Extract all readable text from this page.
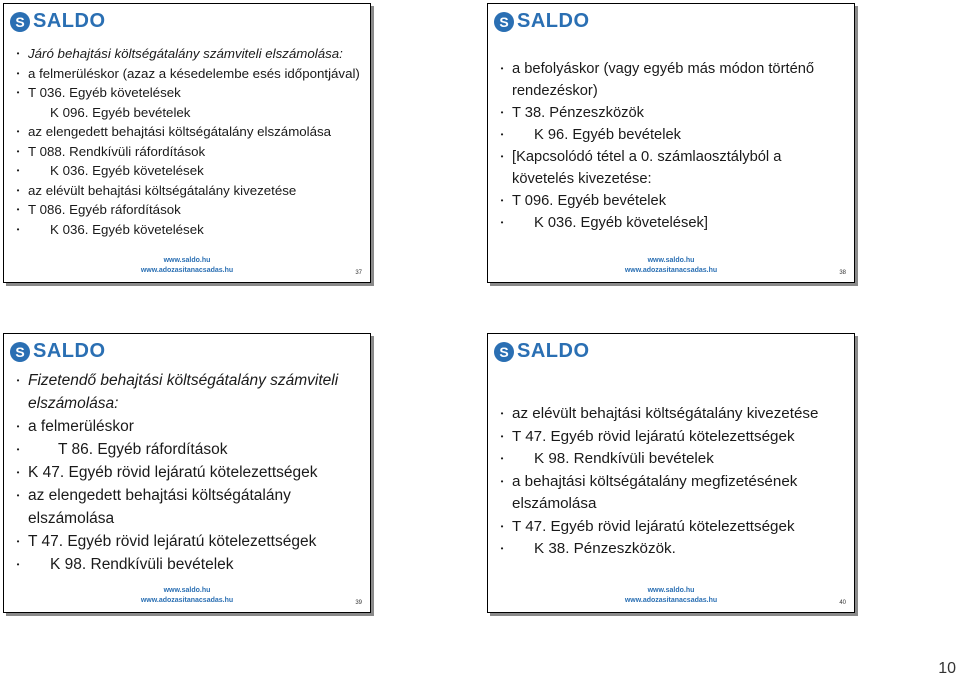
S SALDO
• Járó behajtási költségátalány számviteli elszámolása:
• a felmerüléskor (azaz a késedelembe esés időpontjával)
• T 036. Egyéb követelések
K 096. Egyéb bevételek
• az elengedett behajtási költségátalány elszámolása
• T 088. Rendkívüli ráfordítások
•	K 036. Egyéb követelések
• az elévült behajtási költségátalány kivezetése
• T 086. Egyéb ráfordítások
•	K 036. Egyéb követelések
www.saldo.hu
www.adozasitanacsadas.hu	37
S SALDO
• a befolyáskor (vagy egyéb más módon történő rendezéskor)
• T 38. Pénzeszközök
•	K 96. Egyéb bevételek
• [Kapcsolódó tétel a 0. számlaosztályból a követelés kivezetése:
• T 096. Egyéb bevételek
•	K 036. Egyéb követelések]
www.saldo.hu
www.adozasitanacsadas.hu	38
S SALDO
• Fizetendő behajtási költségátalány számviteli elszámolása:
• a felmerüléskor
•	T 86. Egyéb ráfordítások
• K 47. Egyéb rövid lejáratú kötelezettségek
• az elengedett behajtási költségátalány elszámolása
• T 47. Egyéb rövid lejáratú kötelezettségek
•	K 98. Rendkívüli bevételek
www.saldo.hu
www.adozasitanacsadas.hu	39
S SALDO
• az elévült behajtási költségátalány kivezetése
• T 47. Egyéb rövid lejáratú kötelezettségek
•	K 98. Rendkívüli bevételek
• a behajtási költségátalány megfizetésének elszámolása
• T 47. Egyéb rövid lejáratú kötelezettségek
•	K 38. Pénzeszközök.
www.saldo.hu
www.adozasitanacsadas.hu	40
10
